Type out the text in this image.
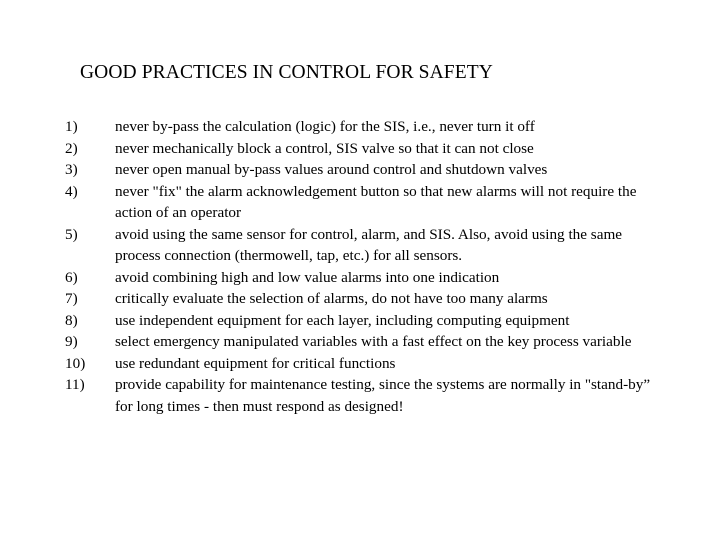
GOOD PRACTICES IN CONTROL FOR SAFETY
1)	never by-pass the calculation (logic) for the SIS, i.e., never turn it off
2)	never mechanically block a control, SIS valve so that it can not close
3)	never open manual by-pass values around control and shutdown valves
4)	never "fix" the alarm acknowledgement button so that new alarms will not require the action of an operator
5)	avoid using the same sensor for control, alarm, and SIS. Also, avoid using the same process connection (thermowell, tap, etc.) for all sensors.
6)	avoid combining high and low value alarms into one indication
7)	critically evaluate the selection of alarms, do not have too many alarms
8)	use independent equipment for each layer, including computing equipment
9)	select emergency manipulated variables with a fast effect on the key process variable
10)	use redundant equipment for critical functions
11)	provide capability for maintenance testing, since the systems are normally in "stand-by” for long times - then must respond as designed!
